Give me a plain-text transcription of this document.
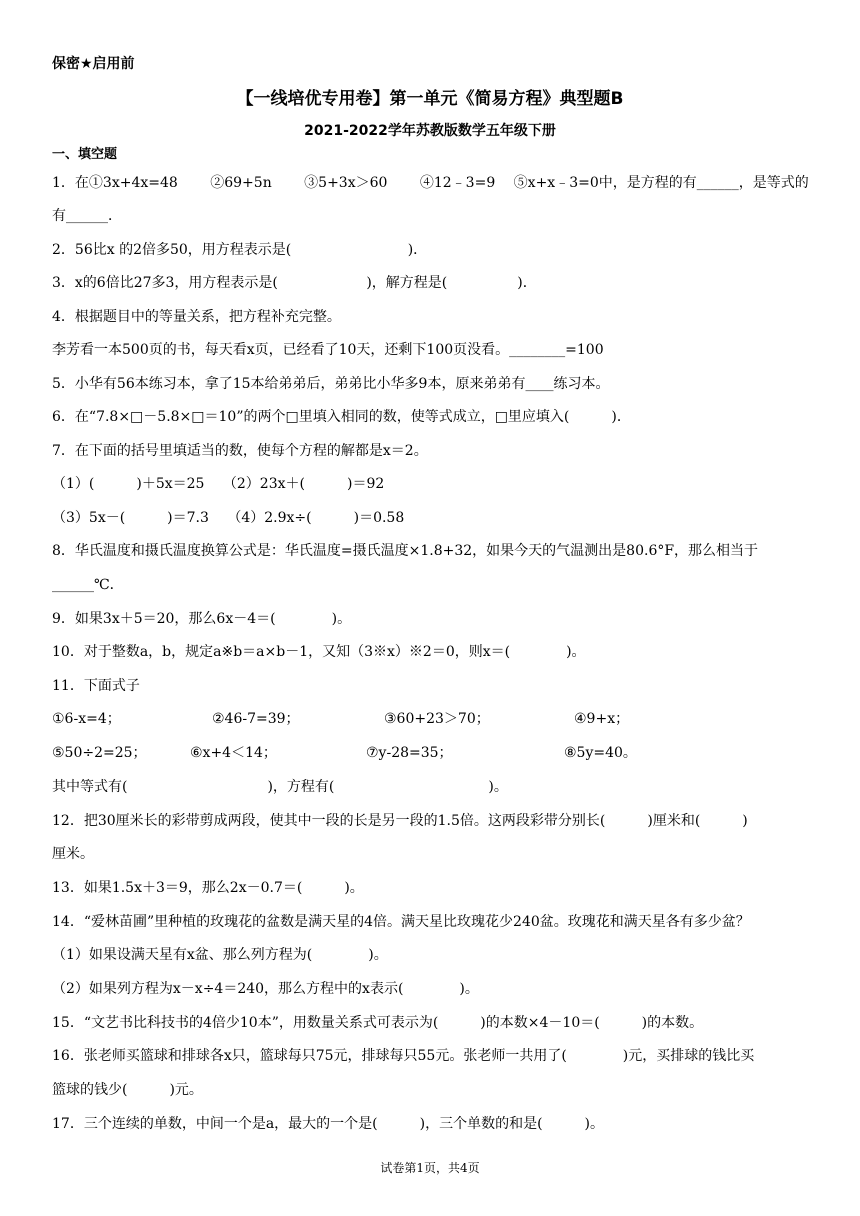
保密★启用前
【一线培优专用卷】第一单元《简易方程》典型题B
2021-2022学年苏教版数学五年级下册
一、填空题
1．在①3x+4x=48　　 ②69+5n　　 ③5+3x＞60　　 ④12﹣3=9　 ⑤x+x﹣3=0中，是方程的有______，是等式的
有______．
2．56比x 的2倍多50，用方程表示是(　　　　　　　　 )．
3．x的6倍比27多3，用方程表示是(　　　　　　 )，解方程是(　　　　　)．
4．根据题目中的等量关系，把方程补充完整。
李芳看一本500页的书，每天看x页，已经看了10天，还剩下100页没看。________=100
5．小华有56本练习本，拿了15本给弟弟后，弟弟比小华多9本，原来弟弟有____练习本。
6．在“7.8×□－5.8×□＝10”的两个□里填入相同的数，使等式成立，□里应填入(　　　)．
7．在下面的括号里填适当的数，使每个方程的解都是x＝2。
（1）(　　　)＋5x＝25　 （2）23x＋(　　　)＝92
（3）5x－(　　　)＝7.3　 （4）2.9x÷(　　　)＝0.58
8．华氏温度和摄氏温度换算公式是：华氏温度=摄氏温度×1.8+32，如果今天的气温测出是80.6°F，那么相当于
______℃．
9．如果3x＋5＝20，那么6x－4＝(　　　　)。
10．对于整数a，b，规定a※b＝a×b－1，又知（3※x）※2＝0，则x＝(　　　　)。
11．下面式子
①6-x=4；	②46-7=39；	③60+23＞70；	④9+x；
⑤50÷2=25；	⑥x+4＜14；	⑦y-28=35；	⑧5y=40。
其中等式有(　　　　　　　　　　)，方程有(　　　　　　　　　　　)。
12．把30厘米长的彩带剪成两段，使其中一段的长是另一段的1.5倍。这两段彩带分别长(　　　)厘米和(　　　)
厘米。
13．如果1.5x＋3＝9，那么2x－0.7＝(　　　)。
14．“爱林苗圃”里种植的玫瑰花的盆数是满天星的4倍。满天星比玫瑰花少240盆。玫瑰花和满天星各有多少盆？
（1）如果设满天星有x盆、那么列方程为(　　　　)。
（2）如果列方程为x－x÷4＝240，那么方程中的x表示(　　　　)。
15．“文艺书比科技书的4倍少10本”，用数量关系式可表示为(　　　)的本数×4－10＝(　　　)的本数。
16．张老师买篮球和排球各x只，篮球每只75元，排球每只55元。张老师一共用了(　　　　)元，买排球的钱比买
篮球的钱少(　　　)元。
17．三个连续的单数，中间一个是a，最大的一个是(　　　)，三个单数的和是(　　　)。
试卷第1页，共4页
